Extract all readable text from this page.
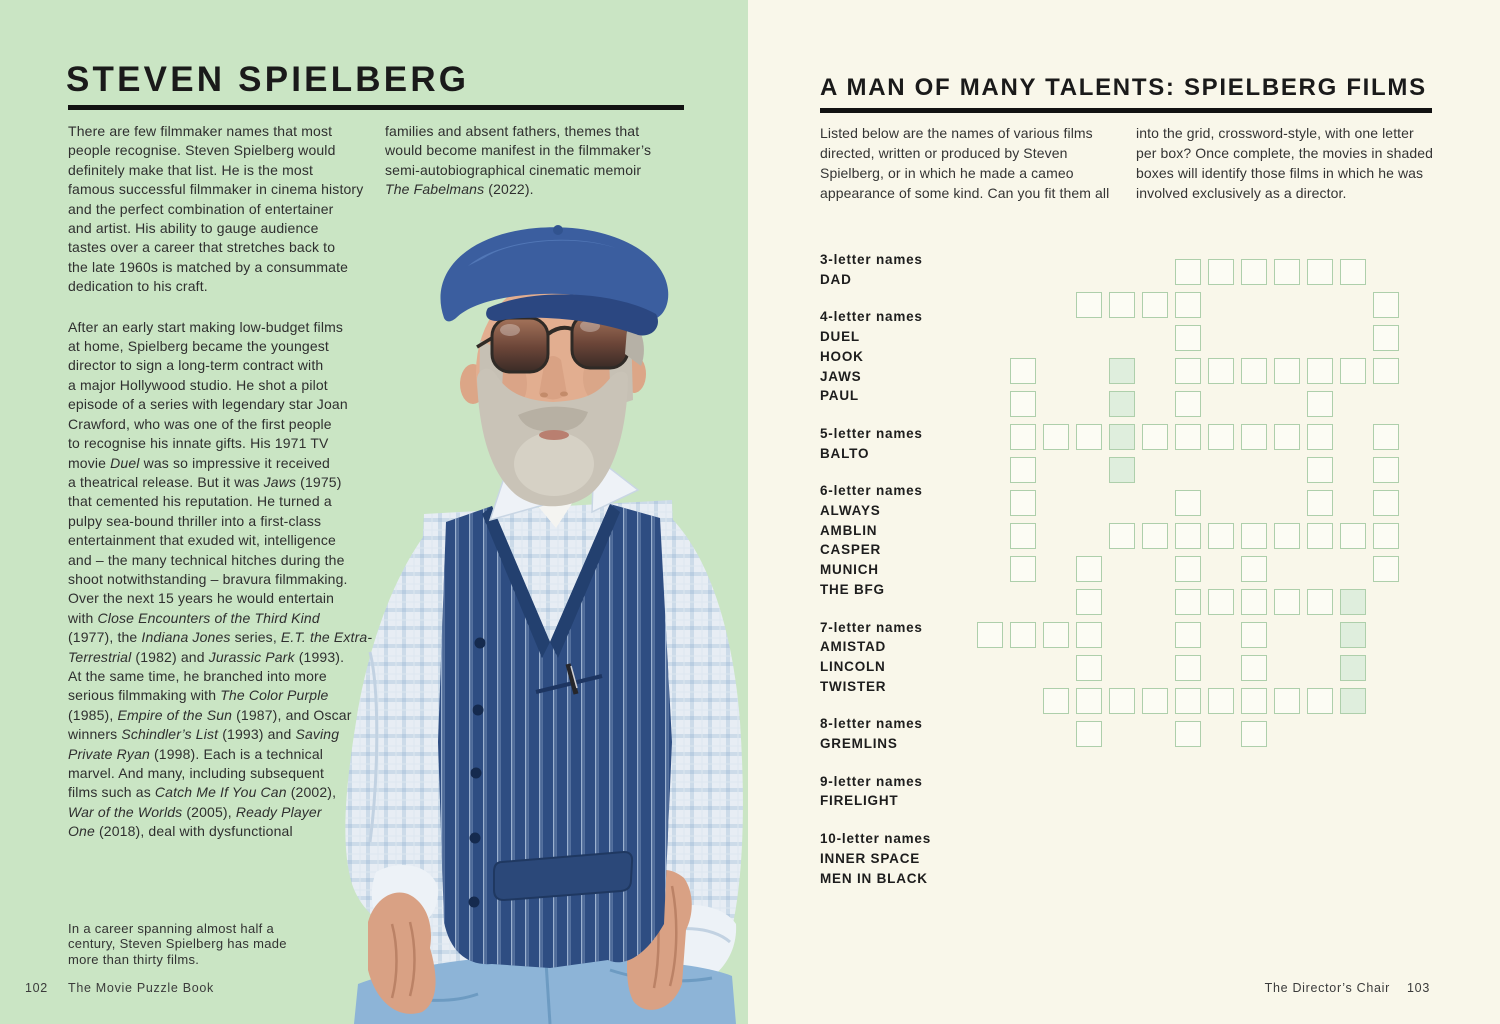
STEVEN SPIELBERG
There are few filmmaker names that most
people recognise. Steven Spielberg would
definitely make that list. He is the most
famous successful filmmaker in cinema history
and the perfect combination of entertainer
and artist. His ability to gauge audience
tastes over a career that stretches back to
the late 1960s is matched by a consummate
dedication to his craft.
After an early start making low-budget films
at home, Spielberg became the youngest
director to sign a long-term contract with
a major Hollywood studio. He shot a pilot
episode of a series with legendary star Joan
Crawford, who was one of the first people
to recognise his innate gifts. His 1971 TV
movie Duel was so impressive it received
a theatrical release. But it was Jaws (1975)
that cemented his reputation. He turned a
pulpy sea-bound thriller into a first-class
entertainment that exuded wit, intelligence
and – the many technical hitches during the
shoot notwithstanding – bravura filmmaking.
Over the next 15 years he would entertain
with Close Encounters of the Third Kind
(1977), the Indiana Jones series, E.T. the Extra-
Terrestrial (1982) and Jurassic Park (1993).
At the same time, he branched into more
serious filmmaking with The Color Purple
(1985), Empire of the Sun (1987), and Oscar
winners Schindler’s List (1993) and Saving
Private Ryan (1998). Each is a technical
marvel. And many, including subsequent
films such as Catch Me If You Can (2002),
War of the Worlds (2005), Ready Player
One (2018), deal with dysfunctional
families and absent fathers, themes that
would become manifest in the filmmaker’s
semi-autobiographical cinematic memoir
The Fabelmans (2022).
In a career spanning almost half a
century, Steven Spielberg has made
more than thirty films.
102 The Movie Puzzle Book
A MAN OF MANY TALENTS: SPIELBERG FILMS
Listed below are the names of various films
directed, written or produced by Steven
Spielberg, or in which he made a cameo
appearance of some kind. Can you fit them all
into the grid, crossword-style, with one letter
per box? Once complete, the movies in shaded
boxes will identify those films in which he was
involved exclusively as a director.
3-letter names
DAD
4-letter names
DUEL
HOOK
JAWS
PAUL
5-letter names
BALTO
6-letter names
ALWAYS
AMBLIN
CASPER
MUNICH
THE BFG
7-letter names
AMISTAD
LINCOLN
TWISTER
8-letter names
GREMLINS
9-letter names
FIRELIGHT
10-letter names
INNER SPACE
MEN IN BLACK
The Director’s Chair 103
